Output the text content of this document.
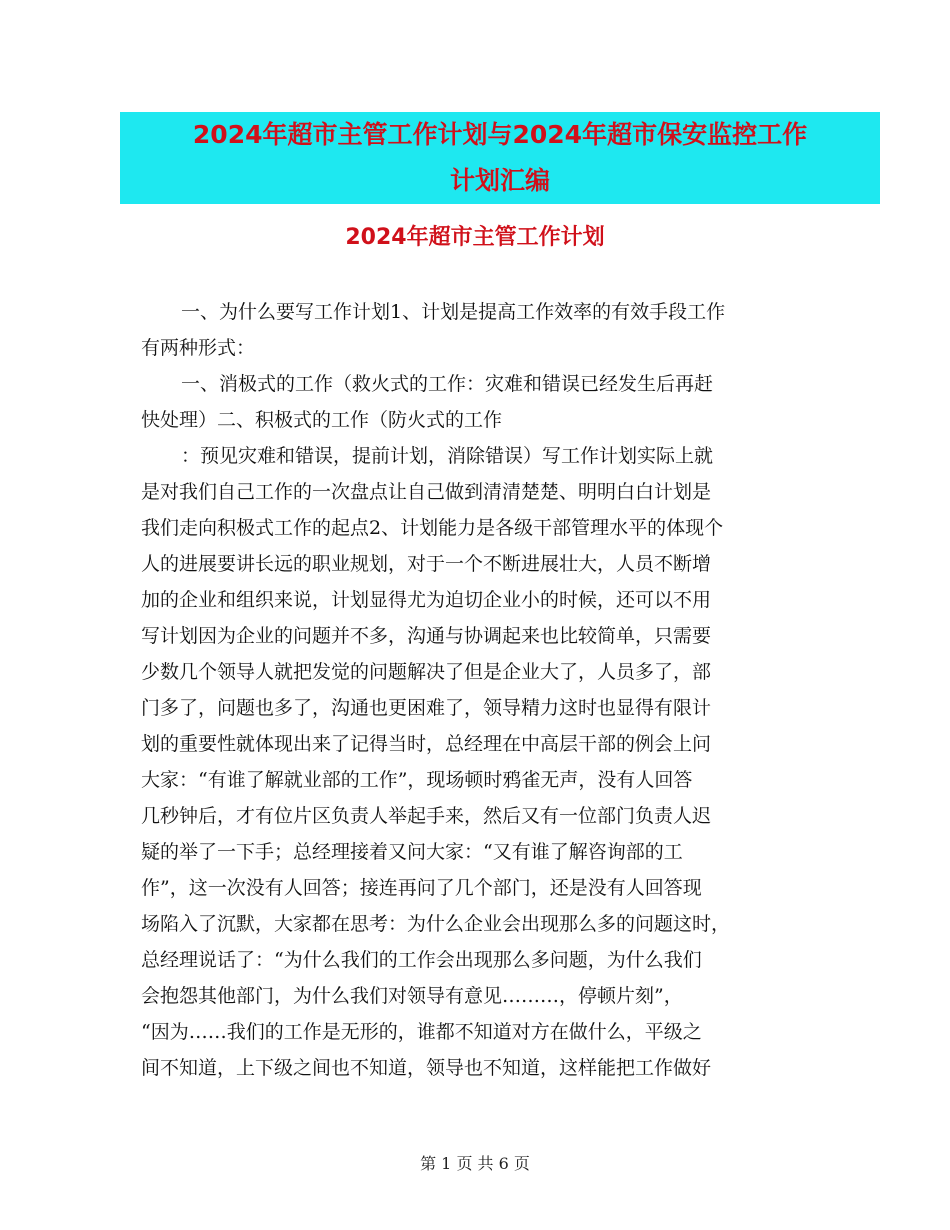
2024年超市主管工作计划与2024年超市保安监控工作
计划汇编
2024年超市主管工作计划
一、为什么要写工作计划1、计划是提高工作效率的有效手段工作
有两种形式：
一、消极式的工作（救火式的工作：灾难和错误已经发生后再赶
快处理）二、积极式的工作（防火式的工作
：预见灾难和错误，提前计划，消除错误）写工作计划实际上就
是对我们自己工作的一次盘点让自己做到清清楚楚、明明白白计划是
我们走向积极式工作的起点2、计划能力是各级干部管理水平的体现个
人的进展要讲长远的职业规划，对于一个不断进展壮大，人员不断增
加的企业和组织来说，计划显得尤为迫切企业小的时候，还可以不用
写计划因为企业的问题并不多，沟通与协调起来也比较简单，只需要
少数几个领导人就把发觉的问题解决了但是企业大了，人员多了，部
门多了，问题也多了，沟通也更困难了，领导精力这时也显得有限计
划的重要性就体现出来了记得当时，总经理在中高层干部的例会上问
大家：“有谁了解就业部的工作”，现场顿时鸦雀无声，没有人回答
几秒钟后，才有位片区负责人举起手来，然后又有一位部门负责人迟
疑的举了一下手；总经理接着又问大家：“又有谁了解咨询部的工
作”，这一次没有人回答；接连再问了几个部门，还是没有人回答现
场陷入了沉默，大家都在思考：为什么企业会出现那么多的问题这时，
总经理说话了：“为什么我们的工作会出现那么多问题，为什么我们
会抱怨其他部门，为什么我们对领导有意见………，停顿片刻”，
“因为……我们的工作是无形的，谁都不知道对方在做什么，平级之
间不知道，上下级之间也不知道，领导也不知道，这样能把工作做好
第 1 页 共 6 页
